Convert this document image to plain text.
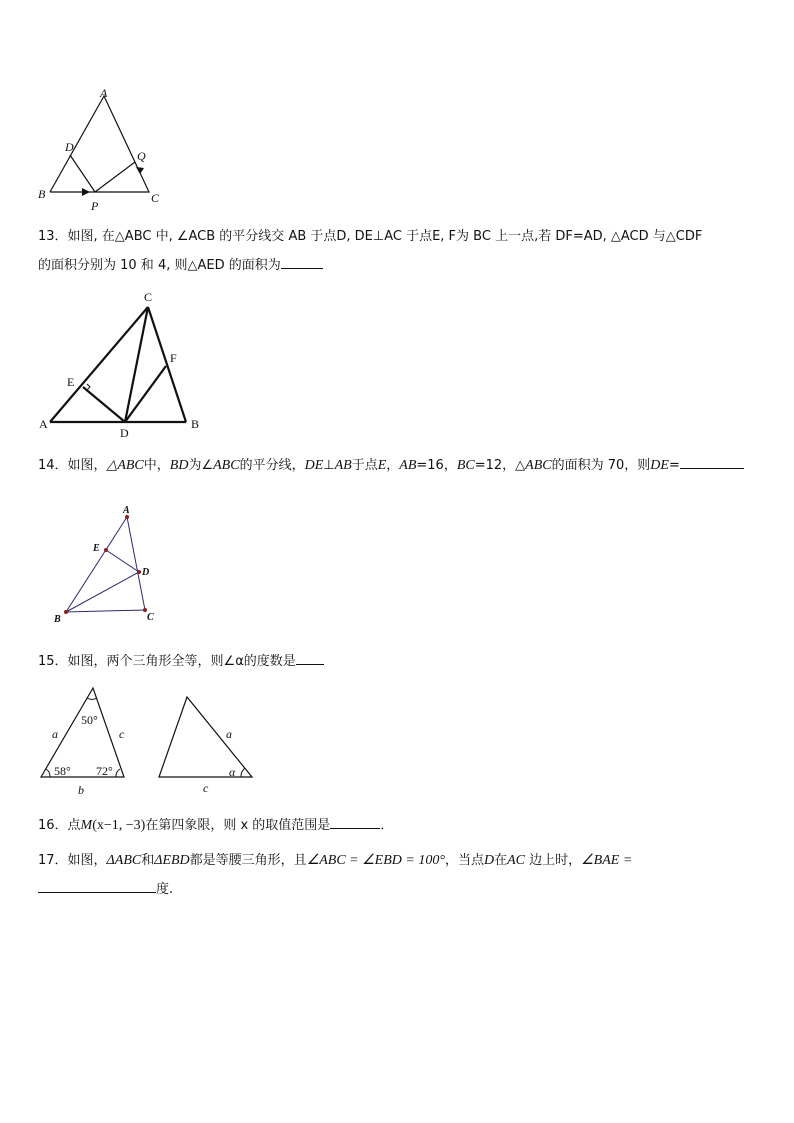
A
D
Q
B
P
C
13．如图, 在△ABC 中, ∠ACB 的平分线交 AB 于点D, DE⊥AC 于点E, F为 BC 上一点,若 DF=AD, △ACD 与△CDF
的面积分别为 10 和 4, 则△AED 的面积为
C
F
E
A
D
B
14．如图，△ABC中，BD为∠ABC的平分线，DE⊥AB于点E，AB=16，BC=12，△ABC的面积为 70，则DE=
A
E
D
B	C
15．如图，两个三角形全等，则∠α的度数是
50°
a	c
58° 72°
b
a
α
c
16．点M(x−1, −3)在第四象限，则 x 的取值范围是	．
17．如图，ΔABC和ΔEBD都是等腰三角形，且∠ABC = ∠EBD = 100°，当点D在AC 边上时，∠BAE =
度.
